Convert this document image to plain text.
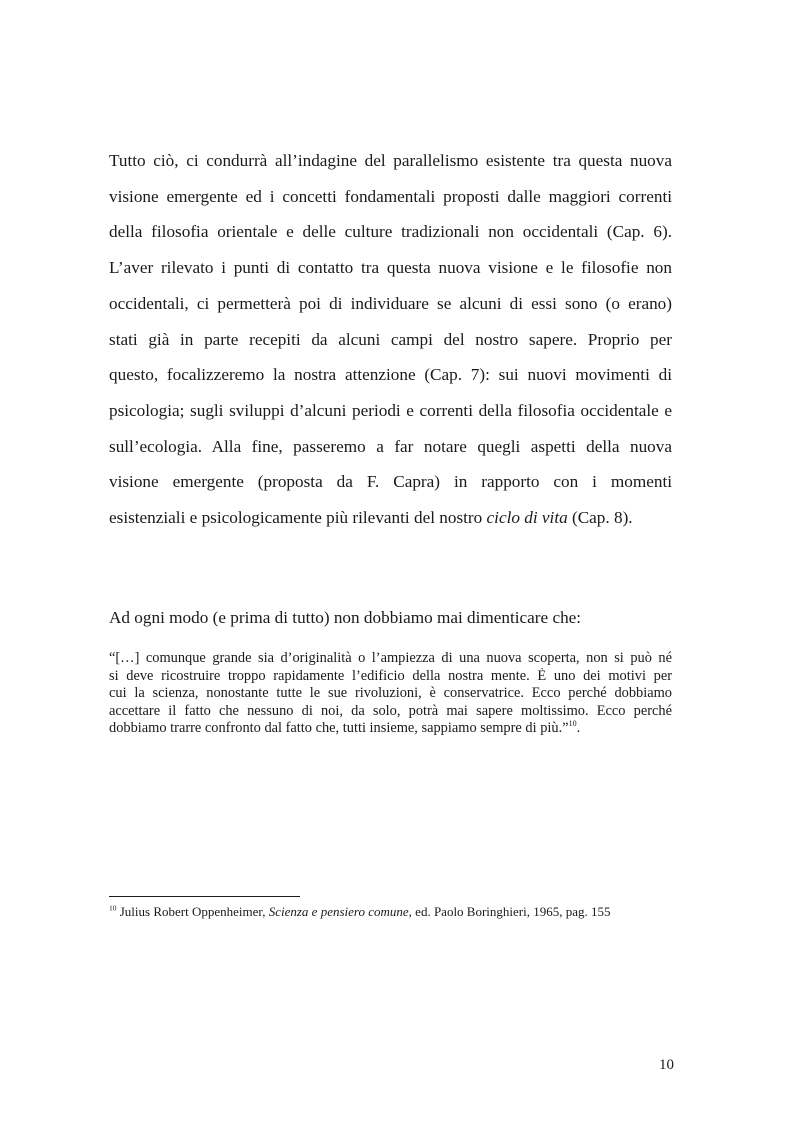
Tutto ciò, ci condurrà all’indagine del parallelismo esistente tra questa nuova
visione emergente ed i concetti fondamentali proposti dalle maggiori correnti
della filosofia orientale e delle culture tradizionali non occidentali (Cap. 6).
L’aver rilevato i punti di contatto tra questa nuova visione e le filosofie non
occidentali, ci permetterà poi di individuare se alcuni di essi sono (o erano)
stati già in parte recepiti da alcuni campi del nostro sapere. Proprio per
questo, focalizzeremo la nostra attenzione (Cap. 7): sui nuovi movimenti di
psicologia; sugli sviluppi d’alcuni periodi e correnti della filosofia occidentale e
sull’ecologia. Alla fine, passeremo a far notare quegli aspetti della nuova
visione emergente (proposta da F. Capra) in rapporto con i momenti
esistenziali e psicologicamente più rilevanti del nostro ciclo di vita (Cap. 8).
Ad ogni modo (e prima di tutto) non dobbiamo mai dimenticare che:
“[…] comunque grande sia d’originalità o l’ampiezza di una nuova scoperta, non si può né
si deve ricostruire troppo rapidamente l’edificio della nostra mente. È uno dei motivi per
cui la scienza, nonostante tutte le sue rivoluzioni, è conservatrice. Ecco perché dobbiamo
accettare il fatto che nessuno di noi, da solo, potrà mai sapere moltissimo. Ecco perché
dobbiamo trarre confronto dal fatto che, tutti insieme, sappiamo sempre di più.”$^{10}$.
$^{10}$ Julius Robert Oppenheimer, Scienza e pensiero comune, ed. Paolo Boringhieri, 1965, pag. 155
10
